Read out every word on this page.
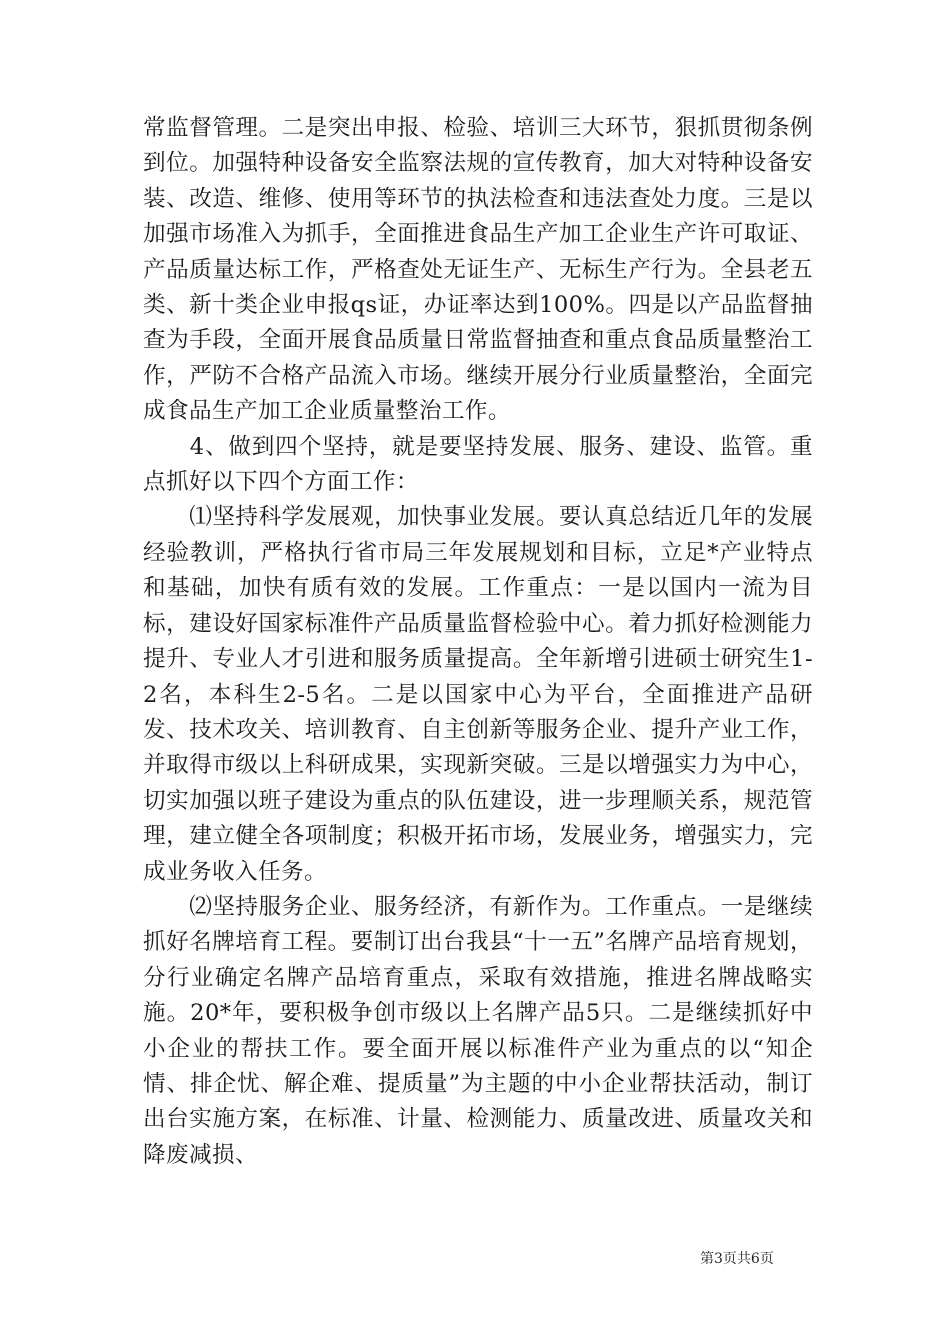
常监督管理。二是突出申报、检验、培训三大环节，狠抓贯彻条例到位。加强特种设备安全监察法规的宣传教育，加大对特种设备安装、改造、维修、使用等环节的执法检查和违法查处力度。三是以加强市场准入为抓手，全面推进食品生产加工企业生产许可取证、产品质量达标工作，严格查处无证生产、无标生产行为。全县老五类、新十类企业申报qs证，办证率达到100%。四是以产品监督抽查为手段，全面开展食品质量日常监督抽查和重点食品质量整治工作，严防不合格产品流入市场。继续开展分行业质量整治，全面完成食品生产加工企业质量整治工作。

　　4、做到四个坚持，就是要坚持发展、服务、建设、监管。重点抓好以下四个方面工作：

　　⑴坚持科学发展观，加快事业发展。要认真总结近几年的发展经验教训，严格执行省市局三年发展规划和目标，立足*产业特点和基础，加快有质有效的发展。工作重点：一是以国内一流为目标，建设好国家标准件产品质量监督检验中心。着力抓好检测能力提升、专业人才引进和服务质量提高。全年新增引进硕士研究生1-2名，本科生2-5名。二是以国家中心为平台，全面推进产品研发、技术攻关、培训教育、自主创新等服务企业、提升产业工作，并取得市级以上科研成果，实现新突破。三是以增强实力为中心，切实加强以班子建设为重点的队伍建设，进一步理顺关系，规范管理，建立健全各项制度；积极开拓市场，发展业务，增强实力，完成业务收入任务。

　　⑵坚持服务企业、服务经济，有新作为。工作重点。一是继续抓好名牌培育工程。要制订出台我县“十一五”名牌产品培育规划，分行业确定名牌产品培育重点，采取有效措施，推进名牌战略实施。20*年，要积极争创市级以上名牌产品5只。二是继续抓好中小企业的帮扶工作。要全面开展以标准件产业为重点的以“知企情、排企忧、解企难、提质量”为主题的中小企业帮扶活动，制订出台实施方案，在标准、计量、检测能力、质量改进、质量攻关和降废减损、

第3页共6页
